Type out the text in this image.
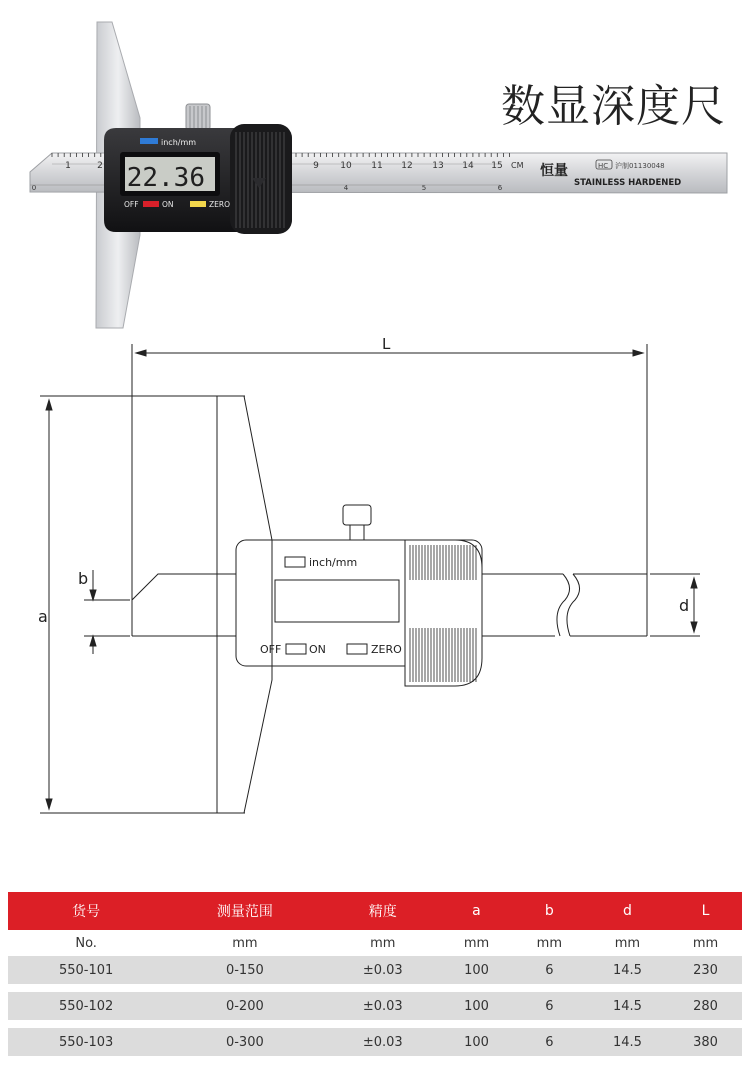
1	2	9 10 11 12 13 14 15 CM
0	4	5	6
恒量	HC 沪制01130048
STAINLESS HARDENED
22.36
inch/mm
OFF	ON	ZERO
数显深度尺
L
a
b
d
inch/mm
OFF	ON	ZERO
货号	测量范围	精度	a	b	d	L
No.	mm	mm	mm	mm	mm	mm
550-101	0-150	±0.03	100	6	14.5	230

550-102	0-200	±0.03	100	6	14.5	280

550-103	0-300	±0.03	100	6	14.5	380
